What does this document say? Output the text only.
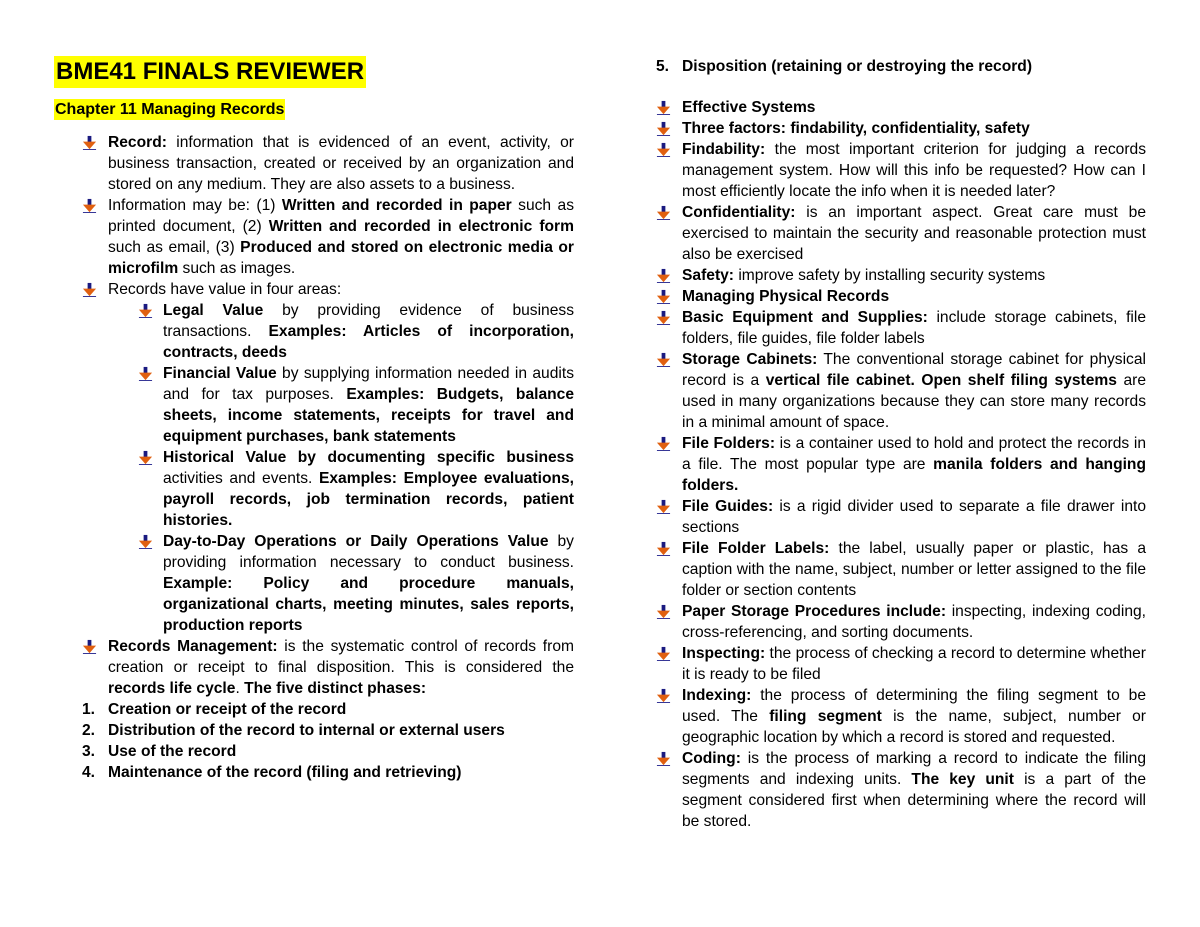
BME41 FINALS REVIEWER
Chapter 11 Managing Records
Record: information that is evidenced of an event, activity, or business transaction, created or received by an organization and stored on any medium. They are also assets to a business.
Information may be: (1) Written and recorded in paper such as printed document, (2) Written and recorded in electronic form such as email, (3) Produced and stored on electronic media or microfilm such as images.
Records have value in four areas:
Legal Value by providing evidence of business transactions. Examples: Articles of incorporation, contracts, deeds
Financial Value by supplying information needed in audits and for tax purposes. Examples: Budgets, balance sheets, income statements, receipts for travel and equipment purchases, bank statements
Historical Value by documenting specific business activities and events. Examples: Employee evaluations, payroll records, job termination records, patient histories.
Day-to-Day Operations or Daily Operations Value by providing information necessary to conduct business. Example: Policy and procedure manuals, organizational charts, meeting minutes, sales reports, production reports
Records Management: is the systematic control of records from creation or receipt to final disposition. This is considered the records life cycle. The five distinct phases:
1. Creation or receipt of the record
2. Distribution of the record to internal or external users
3. Use of the record
4. Maintenance of the record (filing and retrieving)
5. Disposition (retaining or destroying the record)
Effective Systems
Three factors: findability, confidentiality, safety
Findability: the most important criterion for judging a records management system. How will this info be requested? How can I most efficiently locate the info when it is needed later?
Confidentiality: is an important aspect. Great care must be exercised to maintain the security and reasonable protection must also be exercised
Safety: improve safety by installing security systems
Managing Physical Records
Basic Equipment and Supplies: include storage cabinets, file folders, file guides, file folder labels
Storage Cabinets: The conventional storage cabinet for physical record is a vertical file cabinet. Open shelf filing systems are used in many organizations because they can store many records in a minimal amount of space.
File Folders: is a container used to hold and protect the records in a file. The most popular type are manila folders and hanging folders.
File Guides: is a rigid divider used to separate a file drawer into sections
File Folder Labels: the label, usually paper or plastic, has a caption with the name, subject, number or letter assigned to the file folder or section contents
Paper Storage Procedures include: inspecting, indexing coding, cross-referencing, and sorting documents.
Inspecting: the process of checking a record to determine whether it is ready to be filed
Indexing: the process of determining the filing segment to be used. The filing segment is the name, subject, number or geographic location by which a record is stored and requested.
Coding: is the process of marking a record to indicate the filing segments and indexing units. The key unit is a part of the segment considered first when determining where the record will be stored.
